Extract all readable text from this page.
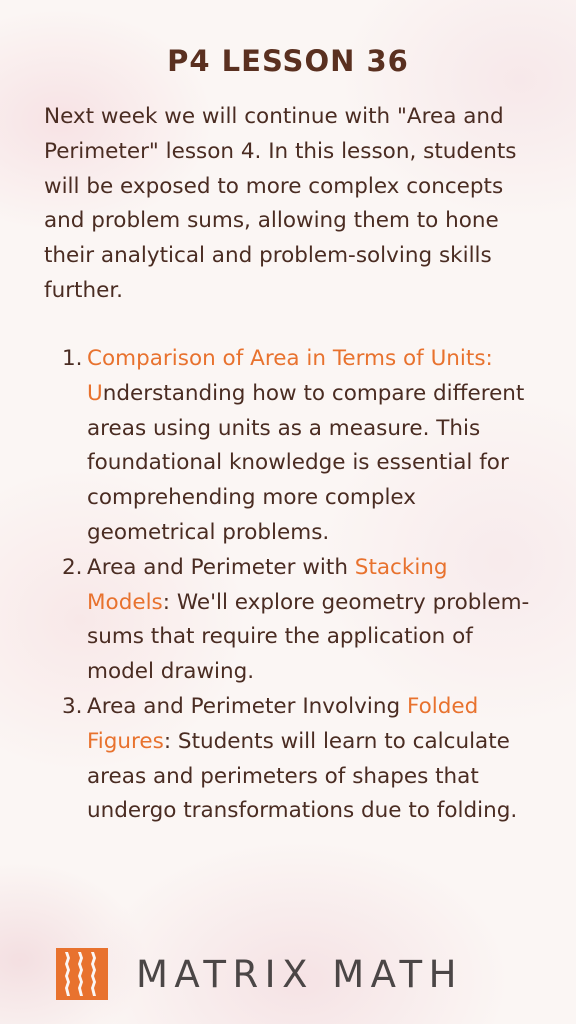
P4 LESSON 36

Next week we will continue with "Area and Perimeter" lesson 4. In this lesson, students will be exposed to more complex concepts and problem sums, allowing them to hone their analytical and problem-solving skills further.

1. Comparison of Area in Terms of Units: Understanding how to compare different areas using units as a measure. This foundational knowledge is essential for comprehending more complex geometrical problems.
2. Area and Perimeter with Stacking Models: We'll explore geometry problem-sums that require the application of model drawing.
3. Area and Perimeter Involving Folded Figures: Students will learn to calculate areas and perimeters of shapes that undergo transformations due to folding.
MATRIX MATH
